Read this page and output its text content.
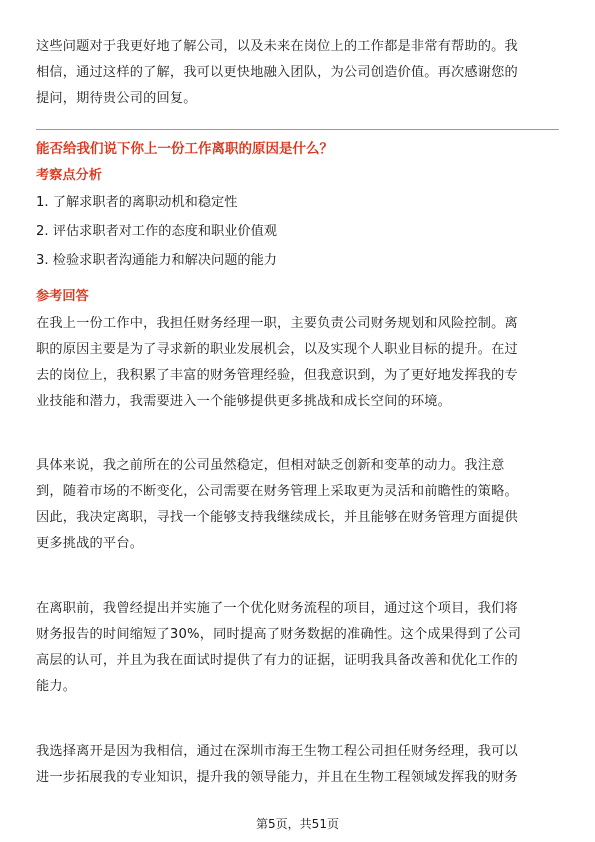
这些问题对于我更好地了解公司，以及未来在岗位上的工作都是非常有帮助的。我

相信，通过这样的了解，我可以更快地融入团队，为公司创造价值。再次感谢您的

提问，期待贵公司的回复。

能否给我们说下你上一份工作离职的原因是什么？

考察点分析

1. 了解求职者的离职动机和稳定性

2. 评估求职者对工作的态度和职业价值观

3. 检验求职者沟通能力和解决问题的能力

参考回答

在我上一份工作中，我担任财务经理一职，主要负责公司财务规划和风险控制。离

职的原因主要是为了寻求新的职业发展机会，以及实现个人职业目标的提升。在过

去的岗位上，我积累了丰富的财务管理经验，但我意识到，为了更好地发挥我的专

业技能和潜力，我需要进入一个能够提供更多挑战和成长空间的环境。

具体来说，我之前所在的公司虽然稳定，但相对缺乏创新和变革的动力。我注意

到，随着市场的不断变化，公司需要在财务管理上采取更为灵活和前瞻性的策略。

因此，我决定离职，寻找一个能够支持我继续成长，并且能够在财务管理方面提供

更多挑战的平台。

在离职前，我曾经提出并实施了一个优化财务流程的项目，通过这个项目，我们将

财务报告的时间缩短了30%，同时提高了财务数据的准确性。这个成果得到了公司

高层的认可，并且为我在面试时提供了有力的证据，证明我具备改善和优化工作的

能力。

我选择离开是因为我相信，通过在深圳市海王生物工程公司担任财务经理，我可以

进一步拓展我的专业知识，提升我的领导能力，并且在生物工程领域发挥我的财务

第5页，共51页
